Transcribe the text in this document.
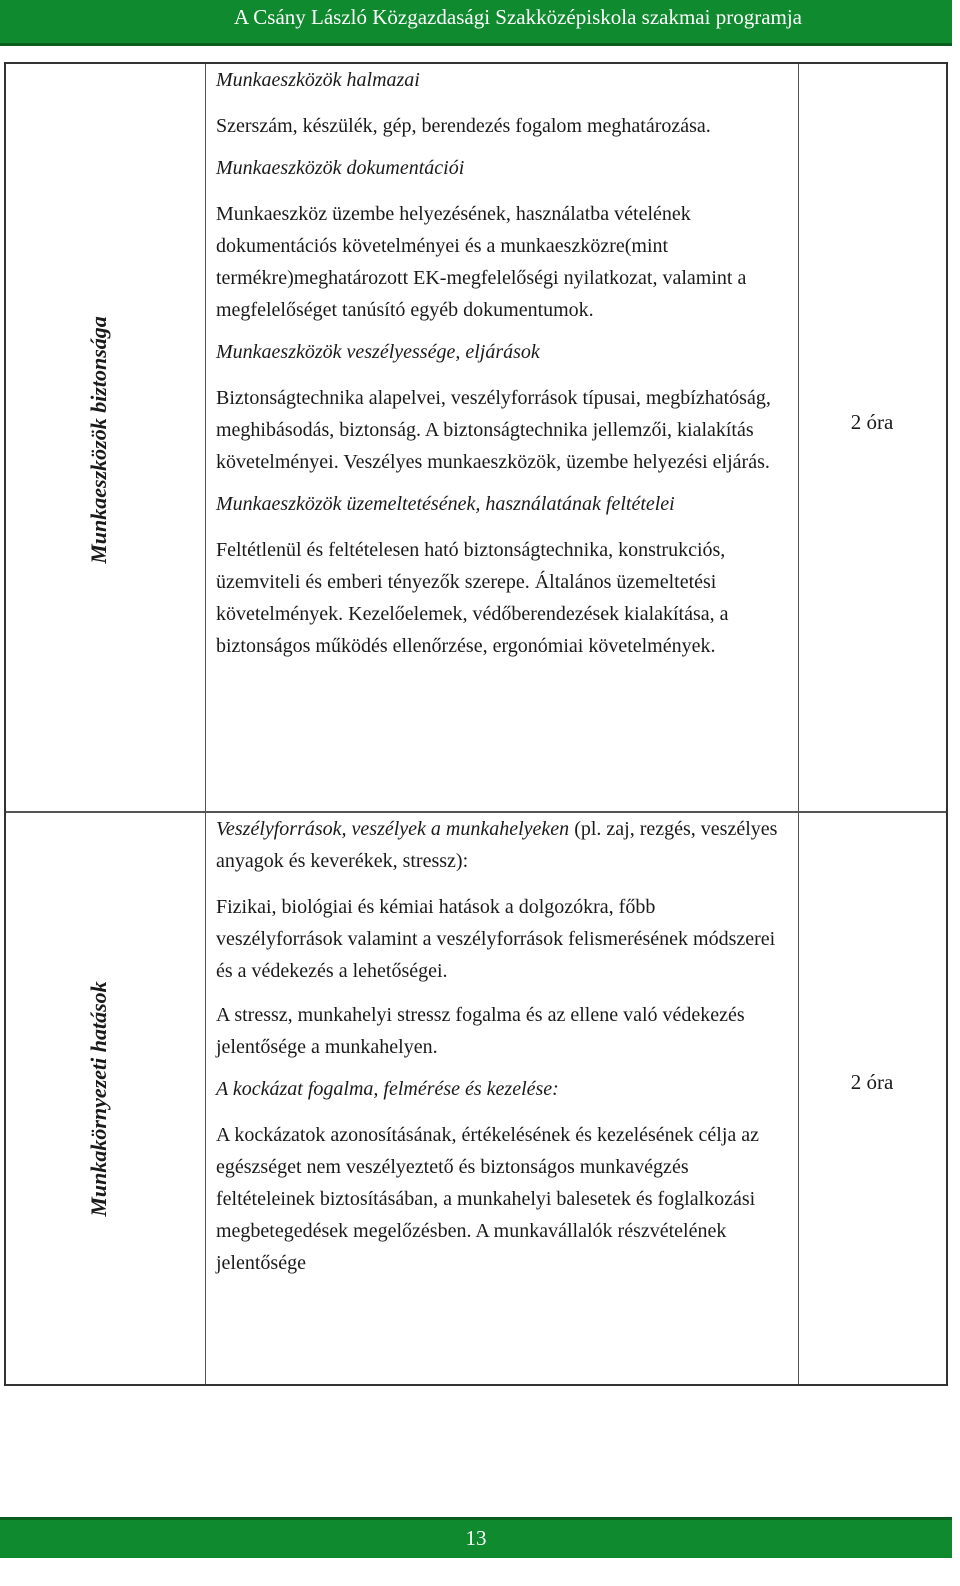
A Csány László Közgazdasági Szakközépiskola szakmai programja
Munkaeszközök biztonsága
Munkakörnyezeti hatások

Munkaeszközök halmazai

Szerszám, készülék, gép, berendezés fogalom meghatározása.

Munkaeszközök dokumentációi

Munkaeszköz üzembe helyezésének, használatba vételének dokumentációs követelményei és a munkaeszközre(mint termékre)meghatározott EK-megfelelőségi nyilatkozat, valamint a megfelelőséget tanúsító egyéb dokumentumok.

Munkaeszközök veszélyessége, eljárások

Biztonságtechnika alapelvei, veszélyforrások típusai, megbízhatóság, meghibásodás, biztonság. A biztonságtechnika jellemzői, kialakítás követelményei. Veszélyes munkaeszközök, üzembe helyezési eljárás.

Munkaeszközök üzemeltetésének, használatának feltételei

Feltétlenül és feltételesen ható biztonságtechnika, konstrukciós, üzemviteli és emberi tényezők szerepe. Általános üzemeltetési követelmények. Kezelőelemek, védőberendezések kialakítása, a biztonságos működés ellenőrzése, ergonómiai követelmények.

2 óra

Veszélyforrások, veszélyek a munkahelyeken (pl. zaj, rezgés, veszélyes anyagok és keverékek, stressz):

Fizikai, biológiai és kémiai hatások a dolgozókra, főbb veszélyforrások valamint a veszélyforrások felismerésének módszerei és a védekezés a lehetőségei.

A stressz, munkahelyi stressz fogalma és az ellene való védekezés jelentősége a munkahelyen.

A kockázat fogalma, felmérése és kezelése:

A kockázatok azonosításának, értékelésének és kezelésének célja az egészséget nem veszélyeztető és biztonságos munkavégzés feltételeinek biztosításában, a munkahelyi balesetek és foglalkozási megbetegedések megelőzésben. A munkavállalók részvételének jelentősége

2 óra
13
